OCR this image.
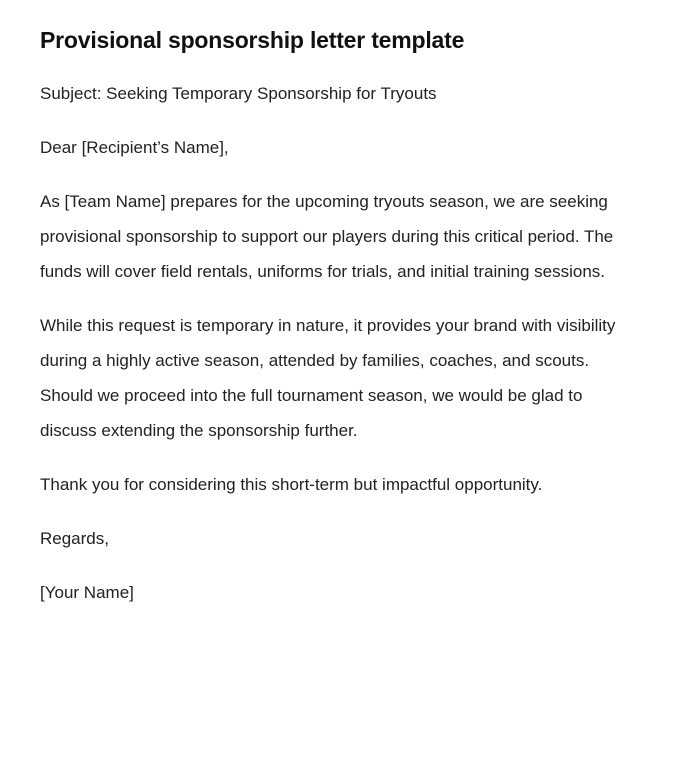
Provisional sponsorship letter template

Subject: Seeking Temporary Sponsorship for Tryouts

Dear [Recipient’s Name],

As [Team Name] prepares for the upcoming tryouts season, we are seeking provisional sponsorship to support our players during this critical period. The funds will cover field rentals, uniforms for trials, and initial training sessions.

While this request is temporary in nature, it provides your brand with visibility during a highly active season, attended by families, coaches, and scouts. Should we proceed into the full tournament season, we would be glad to discuss extending the sponsorship further.

Thank you for considering this short-term but impactful opportunity.

Regards,

[Your Name]
